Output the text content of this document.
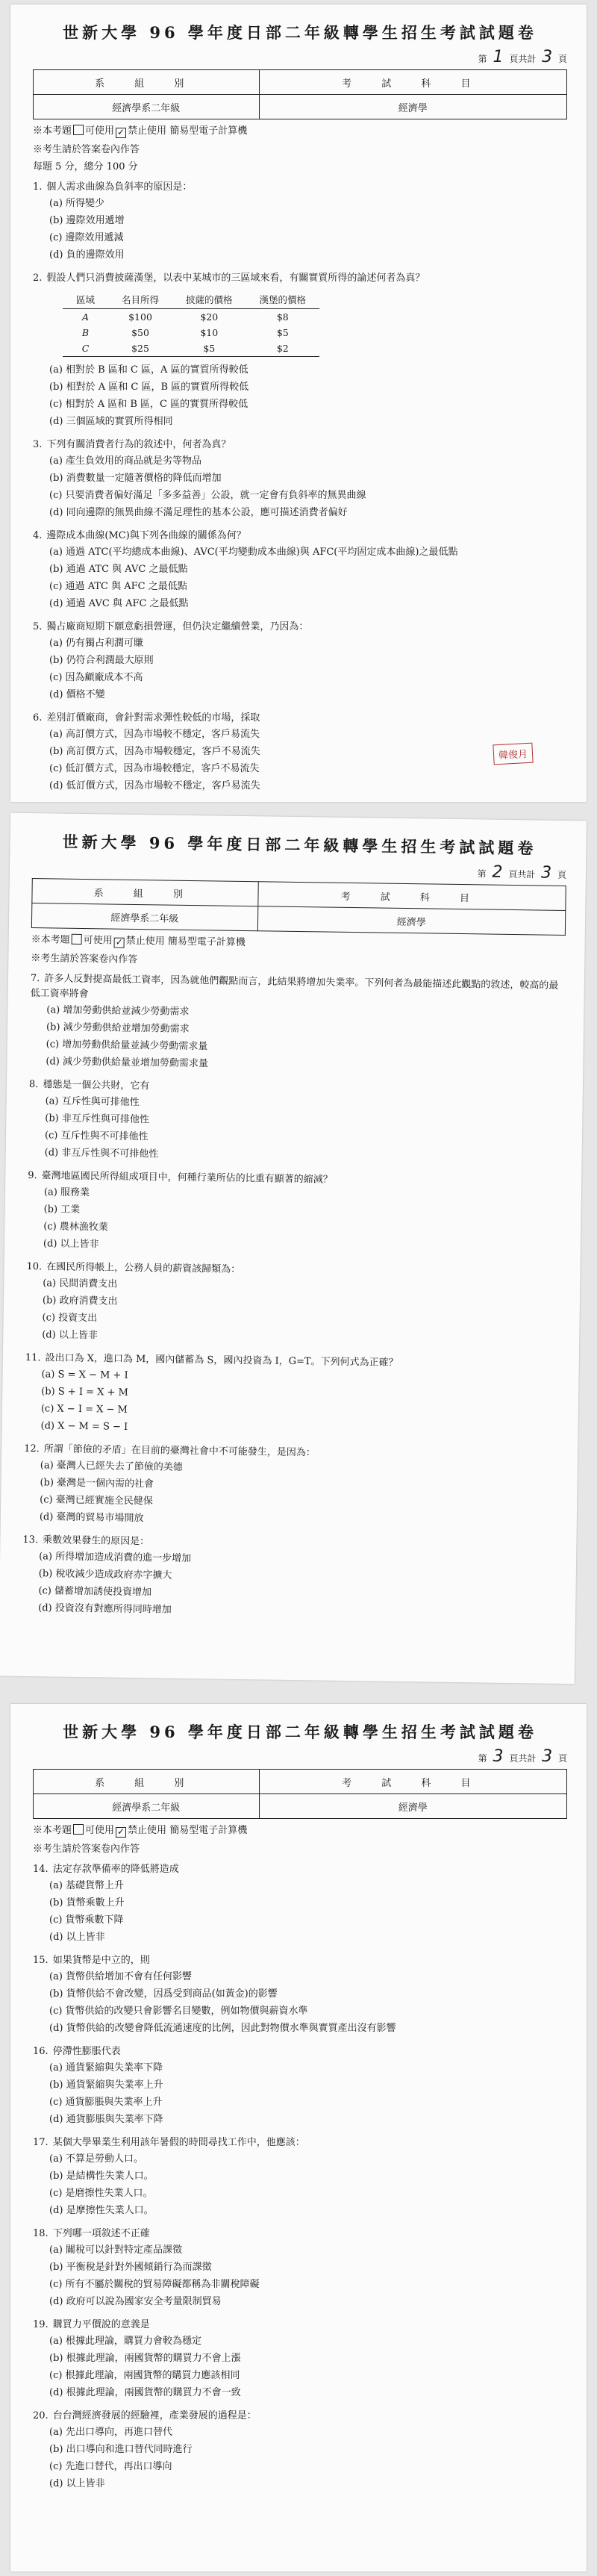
世新大學 96 學年度日部二年級轉學生招生考試試題卷
第 1 頁共計 3 頁
系 組 別	考 試 科 目
經濟學系二年級	經濟學
※本考題 可使用 ✓ 禁止使用 簡易型電子計算機
※考生請於答案卷內作答
每題 5 分，總分 100 分
1. 個人需求曲線為負斜率的原因是：
(a) 所得變少
(b) 邊際效用遞增
(c) 邊際效用遞減
(d) 負的邊際效用
2. 假設人們只消費披薩漢堡，以表中某城市的三區域來看，有關實質所得的論述何者為真？
區域	名目所得	披薩的價格	漢堡的價格
A	$100	$20	$8
B	$50	$10	$5
C	$25	$5	$2
(a) 相對於 B 區和 C 區，A 區的實質所得較低
(b) 相對於 A 區和 C 區，B 區的實質所得較低
(c) 相對於 A 區和 B 區，C 區的實質所得較低
(d) 三個區域的實質所得相同
3. 下列有關消費者行為的敘述中，何者為真？
(a) 產生負效用的商品就是劣等物品
(b) 消費數量一定隨著價格的降低而增加
(c) 只要消費者偏好滿足「多多益善」公設，就一定會有負斜率的無異曲線
(d) 同向邊際的無異曲線不滿足理性的基本公設，應可描述消費者偏好
4. 邊際成本曲線(MC)與下列各曲線的關係為何？
(a) 通過 ATC(平均總成本曲線)、AVC(平均變動成本曲線)與 AFC(平均固定成本曲線)之最低點
(b) 通過 ATC 與 AVC 之最低點
(c) 通過 ATC 與 AFC 之最低點
(d) 通過 AVC 與 AFC 之最低點
5. 獨占廠商短期下願意虧損營運，但仍決定繼續營業，乃因為：
(a) 仍有獨占利潤可賺
(b) 仍符合利潤最大原則
(c) 因為顧廠成本不高
(d) 價格不變
6. 差別訂價廠商，會針對需求彈性較低的市場，採取
(a) 高訂價方式，因為市場較不穩定，客戶易流失
(b) 高訂價方式，因為市場較穩定，客戶不易流失
(c) 低訂價方式，因為市場較穩定，客戶不易流失
(d) 低訂價方式，因為市場較不穩定，客戶易流失
韓俊月
世新大學 96 學年度日部二年級轉學生招生考試試題卷
第 2 頁共計 3 頁
系 組 別	考 試 科 目
經濟學系二年級	經濟學
※本考題 可使用 ✓ 禁止使用 簡易型電子計算機
※考生請於答案卷內作答
7. 許多人反對提高最低工資率，因為就他們觀點而言，此結果將增加失業率。下列何者為最能描述此觀點的敘述，較高的最低工資率將會
(a) 增加勞動供給並減少勞動需求
(b) 減少勞動供給並增加勞動需求
(c) 增加勞動供給量並減少勞動需求量
(d) 減少勞動供給量並增加勞動需求量
8. 穩態是一個公共財，它有
(a) 互斥性與可排他性
(b) 非互斥性與可排他性
(c) 互斥性與不可排他性
(d) 非互斥性與不可排他性
9. 臺灣地區國民所得組成項目中，何種行業所佔的比重有顯著的縮減？
(a) 服務業
(b) 工業
(c) 農林漁牧業
(d) 以上皆非
10. 在國民所得帳上，公務人員的薪資該歸類為：
(a) 民間消費支出
(b) 政府消費支出
(c) 投資支出
(d) 以上皆非
11. 設出口為 X，進口為 M，國內儲蓄為 S，國內投資為 I，G=T。下列何式為正確？
(a) S = X − M + I
(b) S + I = X + M
(c) X − I = X − M
(d) X − M = S − I
12. 所謂「節儉的矛盾」在目前的臺灣社會中不可能發生，是因為：
(a) 臺灣人已經失去了節儉的美德
(b) 臺灣是一個內需的社會
(c) 臺灣已經實施全民健保
(d) 臺灣的貿易市場開放
13. 乘數效果發生的原因是：
(a) 所得增加造成消費的進一步增加
(b) 稅收減少造成政府赤字擴大
(c) 儲蓄增加誘使投資增加
(d) 投資沒有對應所得同時增加
世新大學 96 學年度日部二年級轉學生招生考試試題卷
第 3 頁共計 3 頁
系 組 別	考 試 科 目
經濟學系二年級	經濟學
※本考題 可使用 ✓ 禁止使用 簡易型電子計算機
※考生請於答案卷內作答
14. 法定存款準備率的降低將造成
(a) 基礎貨幣上升
(b) 貨幣乘數上升
(c) 貨幣乘數下降
(d) 以上皆非
15. 如果貨幣是中立的，則
(a) 貨幣供給增加不會有任何影響
(b) 貨幣供給不會改變，因爲受到商品(如黃金)的影響
(c) 貨幣供給的改變只會影響名目變數，例如物價與薪資水準
(d) 貨幣供給的改變會降低流通速度的比例，因此對物價水準與實質產出沒有影響
16. 停滯性膨脹代表
(a) 通貨緊縮與失業率下降
(b) 通貨緊縮與失業率上升
(c) 通貨膨脹與失業率上升
(d) 通貨膨脹與失業率下降
17. 某個大學畢業生利用該年暑假的時間尋找工作中，他應該：
(a) 不算是勞動人口。
(b) 是結構性失業人口。
(c) 是磨擦性失業人口。
(d) 是摩擦性失業人口。
18. 下列哪一項敘述不正確
(a) 關稅可以針對特定產品課徵
(b) 平衡稅是針對外國傾銷行為而課徵
(c) 所有不屬於關稅的貿易障礙都稱為非關稅障礙
(d) 政府可以說為國家安全考量限制貿易
19. 購買力平價說的意義是
(a) 根據此理論，購買力會較為穩定
(b) 根據此理論，兩國貨幣的購買力不會上漲
(c) 根據此理論，兩國貨幣的購買力應該相同
(d) 根據此理論，兩國貨幣的購買力不會一致
20. 台台灣經濟發展的經驗裡，產業發展的過程是：
(a) 先出口導向，再進口替代
(b) 出口導向和進口替代同時進行
(c) 先進口替代，再出口導向
(d) 以上皆非
